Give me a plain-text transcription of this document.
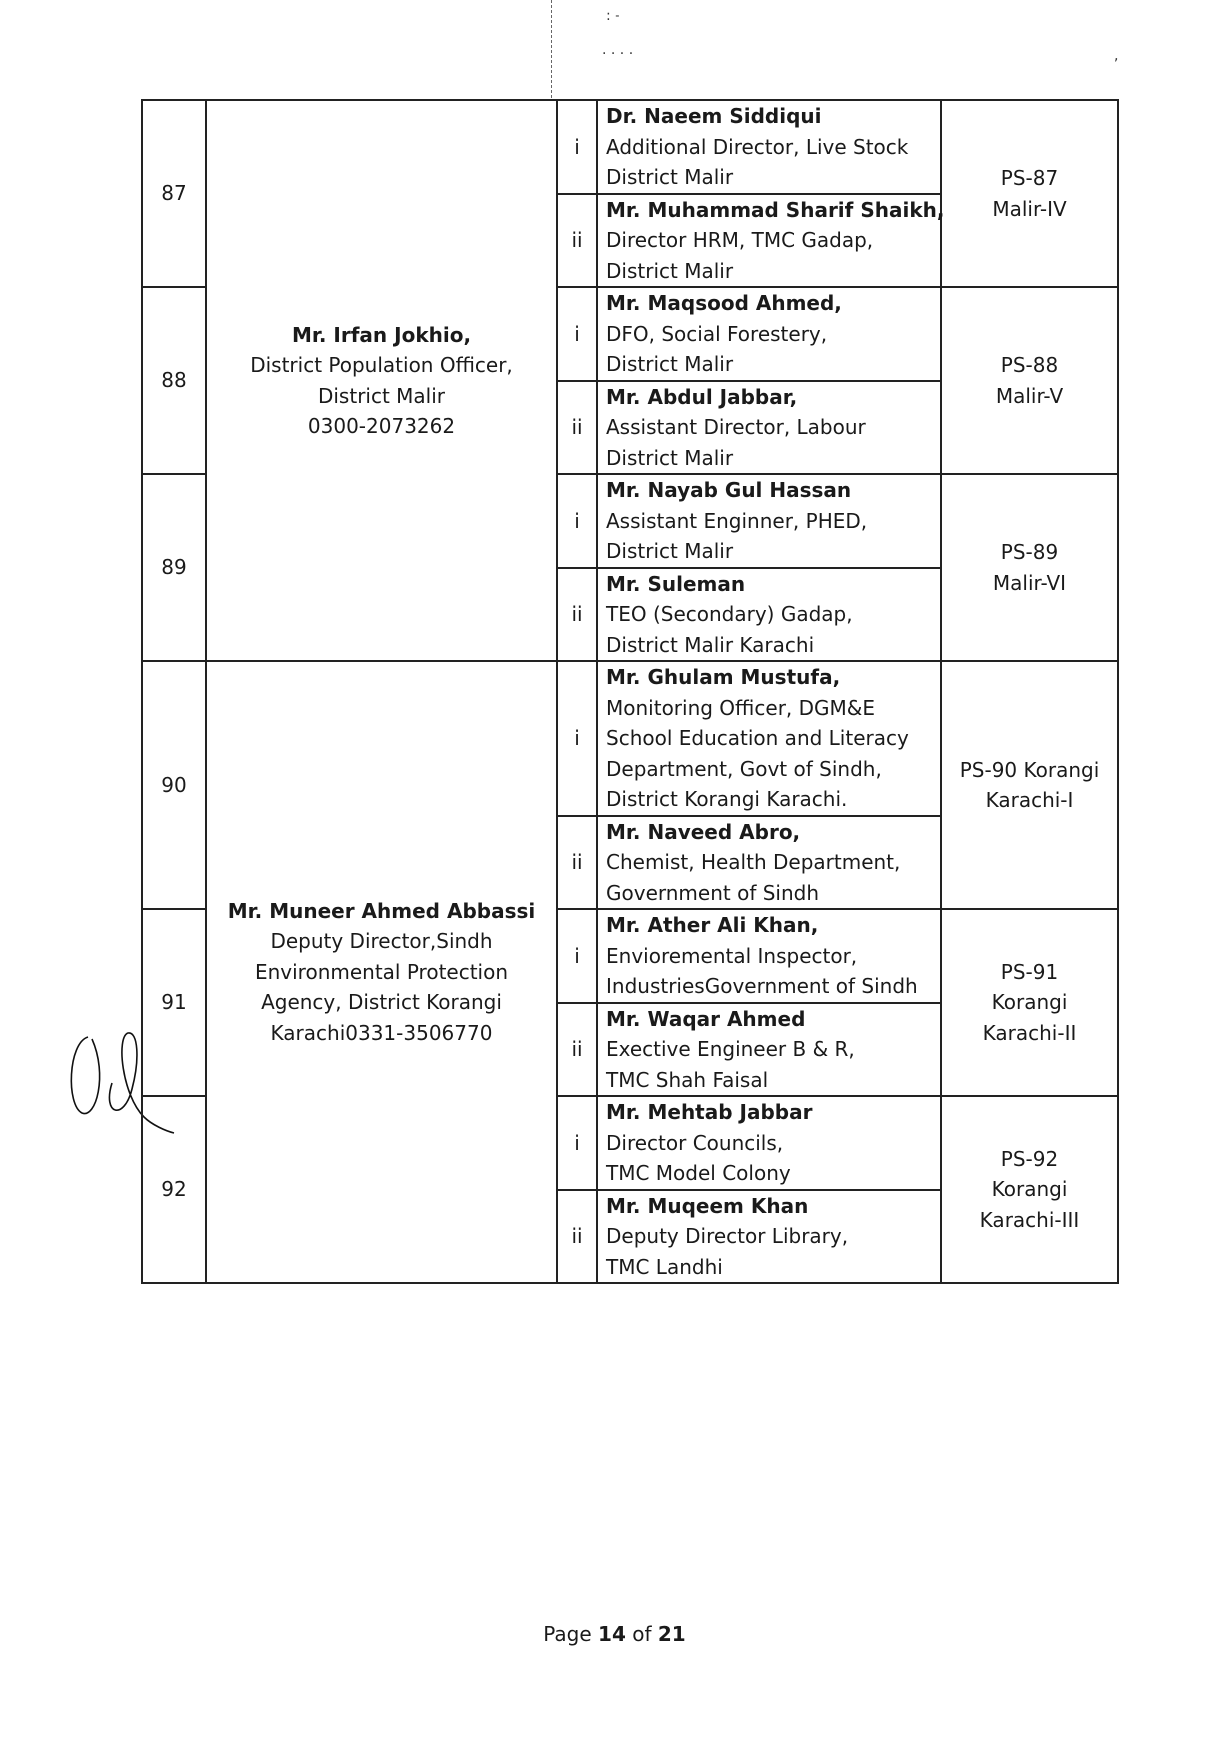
: ˗
· · · ·	,
87	Mr. Irfan Jokhio,
District Population Officer,
District Malir
0300-2073262	i	Dr. Naeem Siddiqui
Additional Director, Live Stock
District Malir	PS-87
Malir-IV

		ii	Mr. Muhammad Sharif Shaikh,
Director HRM, TMC Gadap,
District Malir	

88		i	Mr. Maqsood Ahmed,
DFO, Social Forestery,
District Malir	PS-88
Malir-V

		ii	Mr. Abdul Jabbar,
Assistant Director, Labour
District Malir	

89		i	Mr. Nayab Gul Hassan
Assistant Enginner, PHED,
District Malir	PS-89
Malir-VI

		ii	Mr. Suleman
TEO (Secondary) Gadap,
District Malir Karachi	

90	Mr. Muneer Ahmed Abbassi
Deputy Director,Sindh
Environmental Protection
Agency, District Korangi
Karachi0331-3506770	i	Mr. Ghulam Mustufa,
Monitoring Officer, DGM&E
School Education and Literacy
Department, Govt of Sindh,
District Korangi Karachi.	PS-90 Korangi
Karachi-I

		ii	Mr. Naveed Abro,
Chemist, Health Department,
Government of Sindh	

91		i	Mr. Ather Ali Khan,
Envioremental Inspector,
IndustriesGovernment of Sindh	PS-91
Korangi
Karachi-II

		ii	Mr. Waqar Ahmed
Exective Engineer B & R,
TMC Shah Faisal	

92		i	Mr. Mehtab Jabbar
Director Councils,
TMC Model Colony	PS-92
Korangi
Karachi-III

		ii	Mr. Muqeem Khan
Deputy Director Library,
TMC Landhi	
Page 14 of 21
